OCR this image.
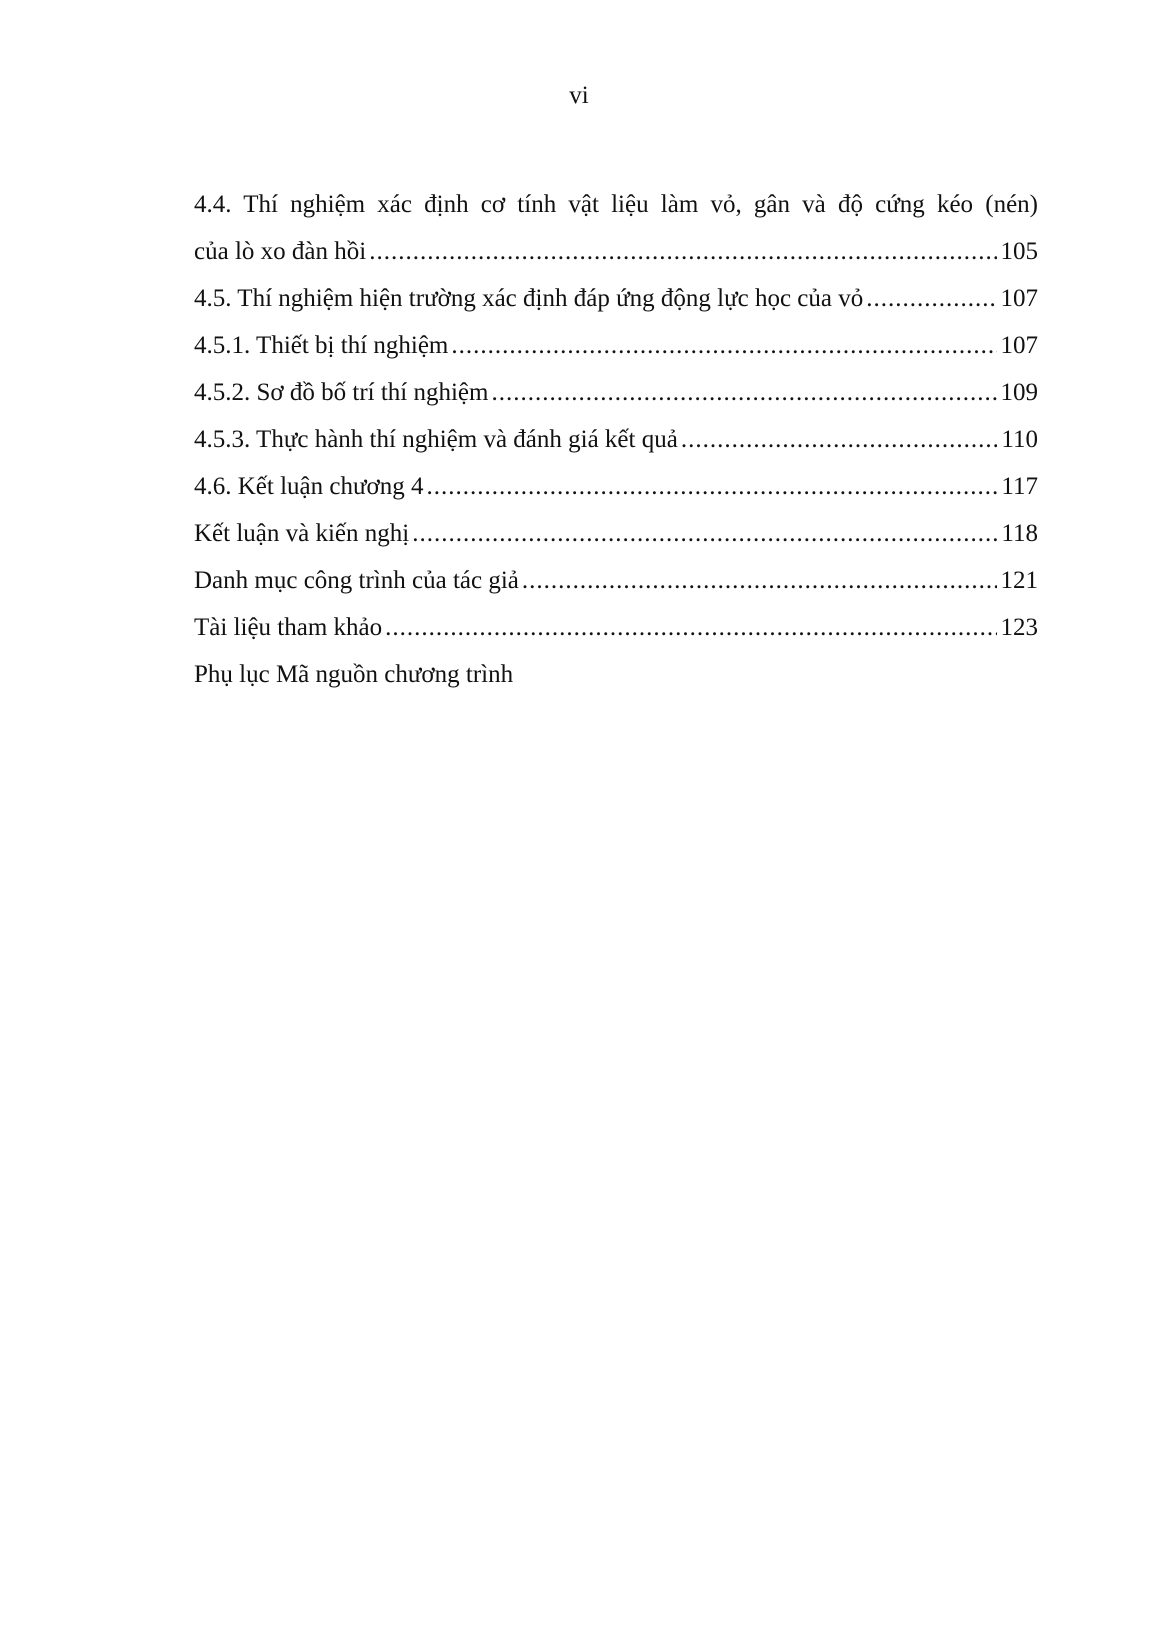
vi
4.4. Thí nghiệm xác định cơ tính vật liệu làm vỏ, gân và độ cứng kéo (nén)
của lò xo đàn hồi .....	105
4.5. Thí nghiệm hiện trường xác định đáp ứng động lực học của vỏ .....	107
4.5.1. Thiết bị thí nghiệm .....	107
4.5.2. Sơ đồ bố trí thí nghiệm .....	109
4.5.3. Thực hành thí nghiệm và đánh giá kết quả .....	110
4.6. Kết luận chương 4 .....	117
Kết luận và kiến nghị .....	118
Danh mục công trình của tác giả .....	121
Tài liệu tham khảo .....	123
Phụ lục Mã nguồn chương trình
